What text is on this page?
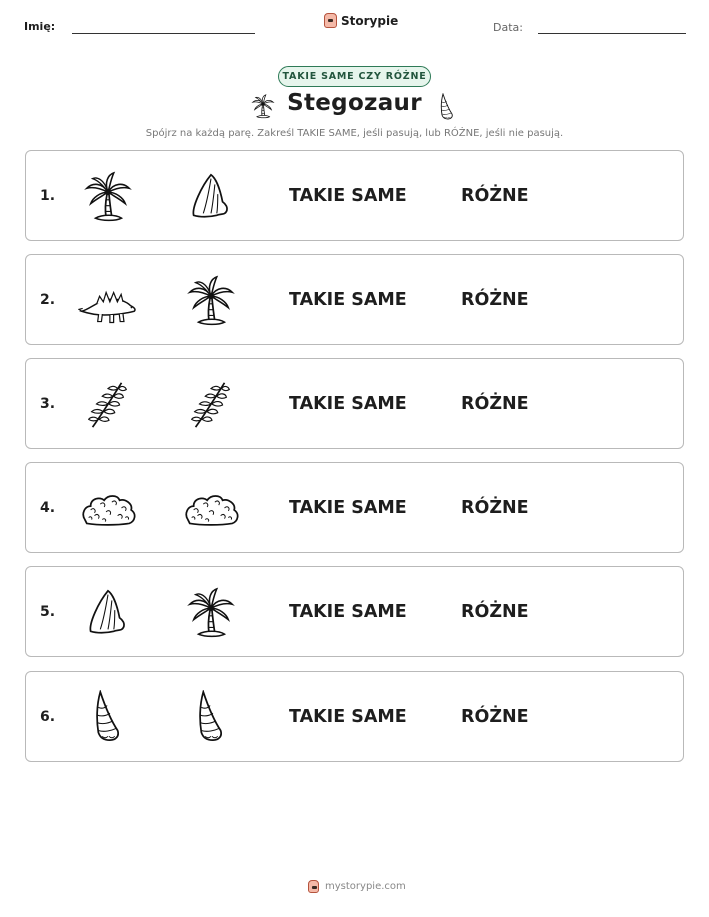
Imię:	Storypie	Data:
TAKIE SAME CZY RÓŻNE
Stegozaur
Spójrz na każdą parę. Zakreśl TAKIE SAME, jeśli pasują, lub RÓŻNE, jeśli nie pasują.
1.	TAKIE SAME	RÓŻNE
2.	TAKIE SAME	RÓŻNE
3.	TAKIE SAME	RÓŻNE
4.	TAKIE SAME	RÓŻNE
5.	TAKIE SAME	RÓŻNE
6.	TAKIE SAME	RÓŻNE
mystorypie.com
